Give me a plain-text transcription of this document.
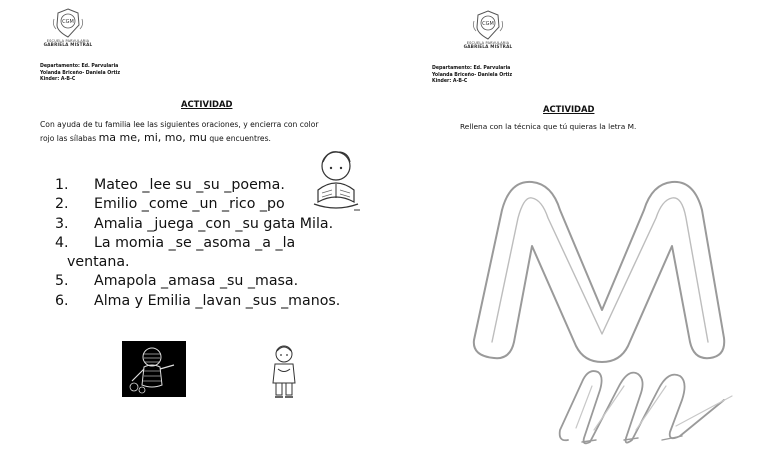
CGM
ESCUELA PARVULARIA
GABRIELA MISTRAL
Departamento: Ed. Parvularia
Yolanda Briceño- Daniela Ortiz
Kinder: A-B-C
ACTIVIDAD
Con ayuda de tu familia lee las siguientes oraciones, y encierra con color
rojo las sílabas ma me, mi, mo, mu que encuentres.
1. Mateo _lee su _su _poema.
2. Emilio _come _un _rico _po
3. Amalia _juega _con _su gata Mila.
4. La momia _se _asoma _a _la
ventana.
5. Amapola _amasa _su _masa.
6. Alma y Emilia _lavan _sus _manos.
CGM
ESCUELA PARVULARIA
GABRIELA MISTRAL
Departamento: Ed. Parvularia
Yolanda Briceño- Daniela Ortiz
Kinder: A-B-C
ACTIVIDAD
Rellena con la técnica que tú quieras la letra M.
